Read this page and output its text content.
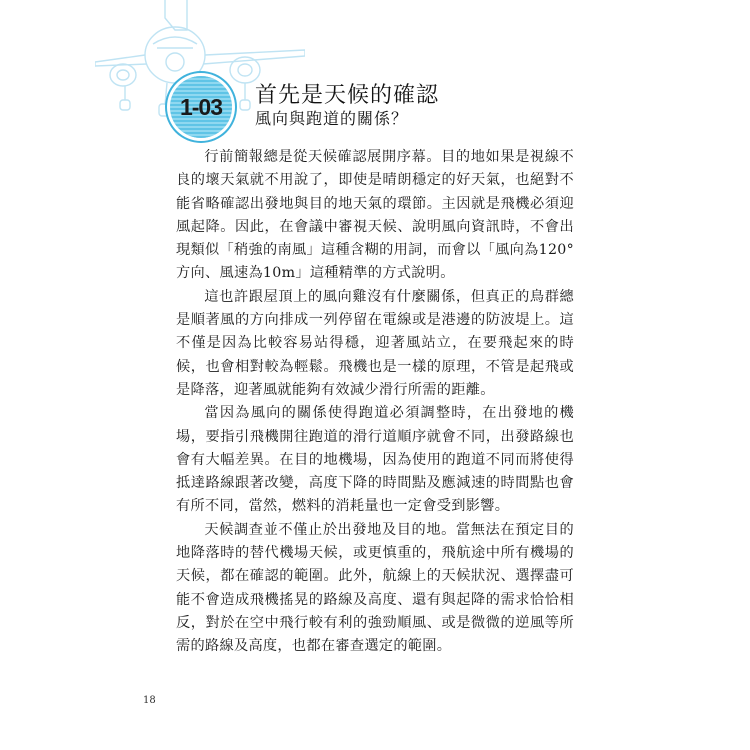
1-03 首先是天候的確認
風向與跑道的關係？

行前簡報總是從天候確認展開序幕。目的地如果是視線不良的壞天氣就不用說了，即使是晴朗穩定的好天氣，也絕對不能省略確認出發地與目的地天氣的環節。主因就是飛機必須迎風起降。因此，在會議中審視天候、說明風向資訊時，不會出現類似「稍強的南風」這種含糊的用詞，而會以「風向為120°方向、風速為10m」這種精準的方式說明。

這也許跟屋頂上的風向雞沒有什麼關係，但真正的鳥群總是順著風的方向排成一列停留在電線或是港邊的防波堤上。這不僅是因為比較容易站得穩，迎著風站立，在要飛起來的時候，也會相對較為輕鬆。飛機也是一樣的原理，不管是起飛或是降落，迎著風就能夠有效減少滑行所需的距離。

當因為風向的關係使得跑道必須調整時，在出發地的機場，要指引飛機開往跑道的滑行道順序就會不同，出發路線也會有大幅差異。在目的地機場，因為使用的跑道不同而將使得抵達路線跟著改變，高度下降的時間點及應減速的時間點也會有所不同，當然，燃料的消耗量也一定會受到影響。

天候調查並不僅止於出發地及目的地。當無法在預定目的地降落時的替代機場天候，或更慎重的，飛航途中所有機場的天候，都在確認的範圍。此外，航線上的天候狀況、選擇盡可能不會造成飛機搖晃的路線及高度、還有與起降的需求恰恰相反，對於在空中飛行較有利的強勁順風、或是微微的逆風等所需的路線及高度，也都在審查選定的範圍。

18
